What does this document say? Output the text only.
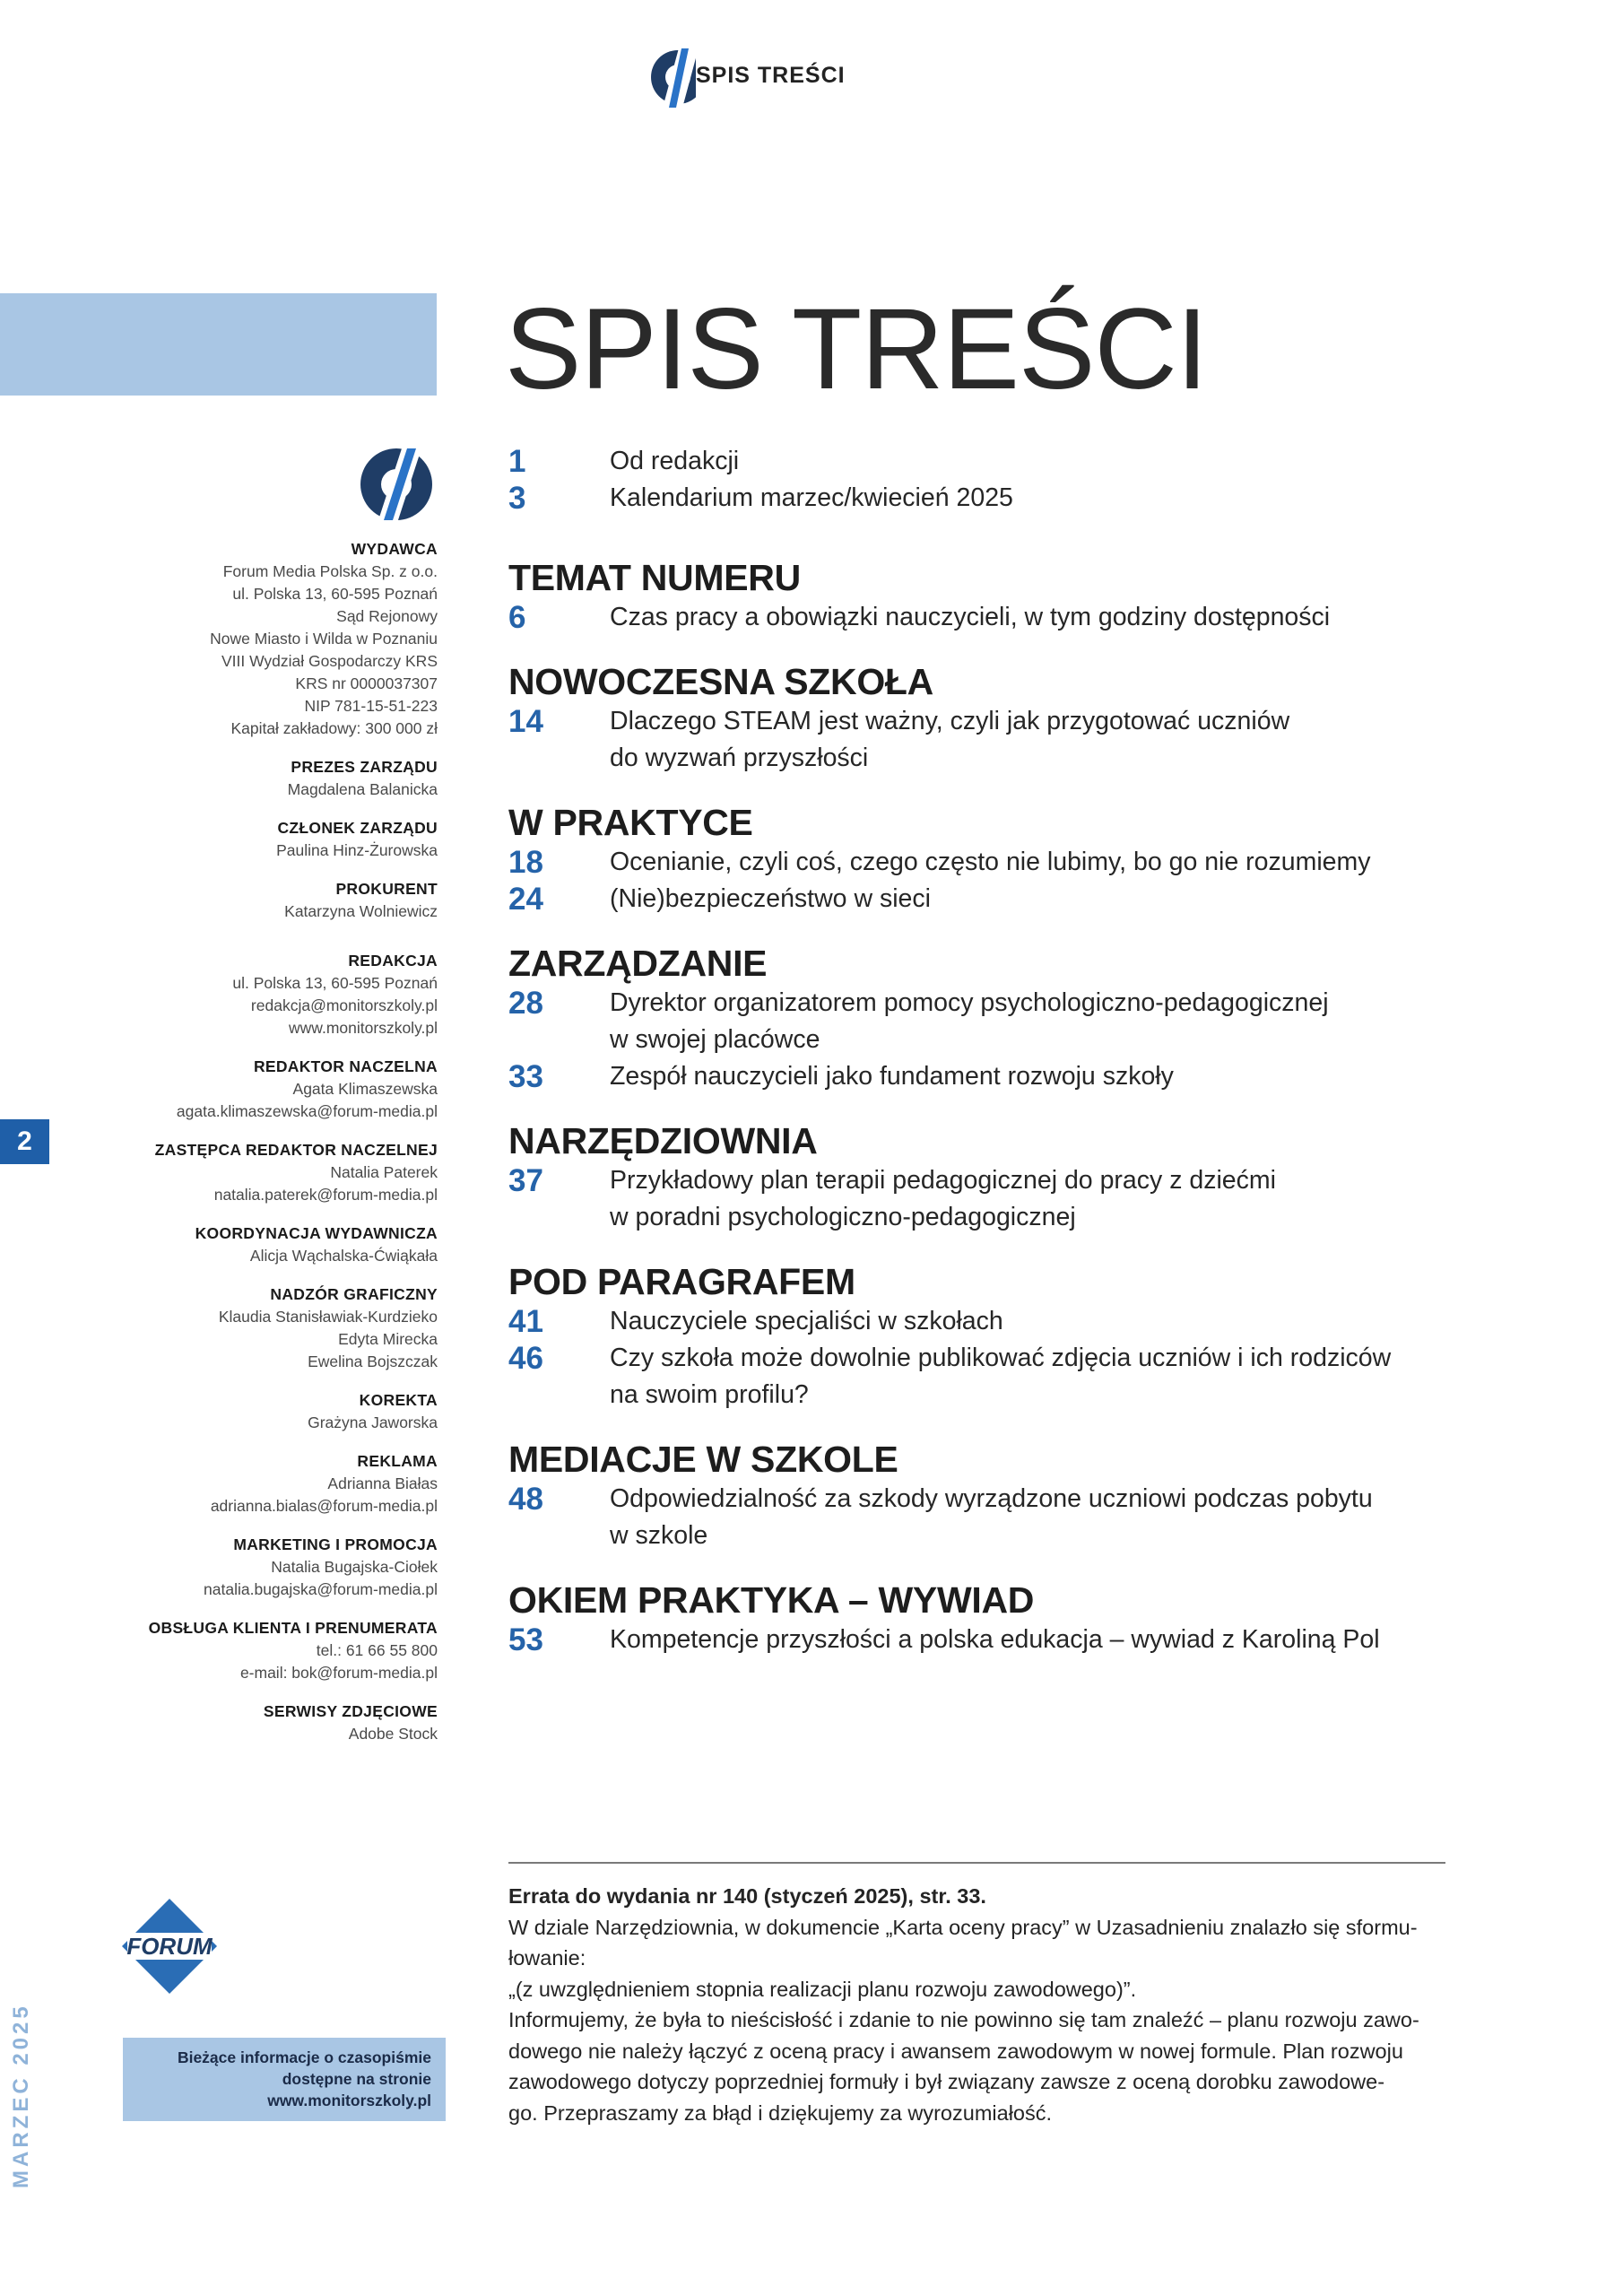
SPIS TREŚCI
SPIS TREŚCI
WYDAWCA
Forum Media Polska Sp. z o.o.
ul. Polska 13, 60-595 Poznań
Sąd Rejonowy
Nowe Miasto i Wilda w Poznaniu
VIII Wydział Gospodarczy KRS
KRS nr 0000037307
NIP 781-15-51-223
Kapitał zakładowy: 300 000 zł
PREZES ZARZĄDU
Magdalena Balanicka
CZŁONEK ZARZĄDU
Paulina Hinz-Żurowska
PROKURENT
Katarzyna Wolniewicz
REDAKCJA
ul. Polska 13, 60-595 Poznań
redakcja@monitorszkoly.pl
www.monitorszkoly.pl
REDAKTOR NACZELNA
Agata Klimaszewska
agata.klimaszewska@forum-media.pl
ZASTĘPCA REDAKTOR NACZELNEJ
Natalia Paterek
natalia.paterek@forum-media.pl
KOORDYNACJA WYDAWNICZA
Alicja Wąchalska-Ćwiąkała
NADZÓR GRAFICZNY
Klaudia Stanisławiak-Kurdzieko
Edyta Mirecka
Ewelina Bojszczak
KOREKTA
Grażyna Jaworska
REKLAMA
Adrianna Białas
adrianna.bialas@forum-media.pl
MARKETING I PROMOCJA
Natalia Bugajska-Ciołek
natalia.bugajska@forum-media.pl
OBSŁUGA KLIENTA I PRENUMERATA
tel.: 61 66 55 800
e-mail: bok@forum-media.pl
SERWISY ZDJĘCIOWE
Adobe Stock
2
MARZEC 2025
FORUM
Bieżące informacje o czasopiśmie
dostępne na stronie
www.monitorszkoly.pl
1	Od redakcji
3	Kalendarium marzec/kwiecień 2025
TEMAT NUMERU
6	Czas pracy a obowiązki nauczycieli, w tym godziny dostępności
NOWOCZESNA SZKOŁA
14	Dlaczego STEAM jest ważny, czyli jak przygotować uczniów
do wyzwań przyszłości
W PRAKTYCE
18	Ocenianie, czyli coś, czego często nie lubimy, bo go nie rozumiemy
24	(Nie)bezpieczeństwo w sieci
ZARZĄDZANIE
28	Dyrektor organizatorem pomocy psychologiczno-pedagogicznej
w swojej placówce
33	Zespół nauczycieli jako fundament rozwoju szkoły
NARZĘDZIOWNIA
37	Przykładowy plan terapii pedagogicznej do pracy z dziećmi
w poradni psychologiczno-pedagogicznej
POD PARAGRAFEM
41	Nauczyciele specjaliści w szkołach
46	Czy szkoła może dowolnie publikować zdjęcia uczniów i ich rodziców
na swoim profilu?
MEDIACJE W SZKOLE
48	Odpowiedzialność za szkody wyrządzone uczniowi podczas pobytu
w szkole
OKIEM PRAKTYKA – WYWIAD
53	Kompetencje przyszłości a polska edukacja – wywiad z Karoliną Pol
Errata do wydania nr 140 (styczeń 2025), str. 33.
W dziale Narzędziownia, w dokumencie „Karta oceny pracy” w Uzasadnieniu znalazło się sformu-
łowanie:
„(z uwzględnieniem stopnia realizacji planu rozwoju zawodowego)”.
Informujemy, że była to nieścisłość i zdanie to nie powinno się tam znaleźć – planu rozwoju zawo-
dowego nie należy łączyć z oceną pracy i awansem zawodowym w nowej formule. Plan rozwoju
zawodowego dotyczy poprzedniej formuły i był związany zawsze z oceną dorobku zawodowe-
go. Przepraszamy za błąd i dziękujemy za wyrozumiałość.
